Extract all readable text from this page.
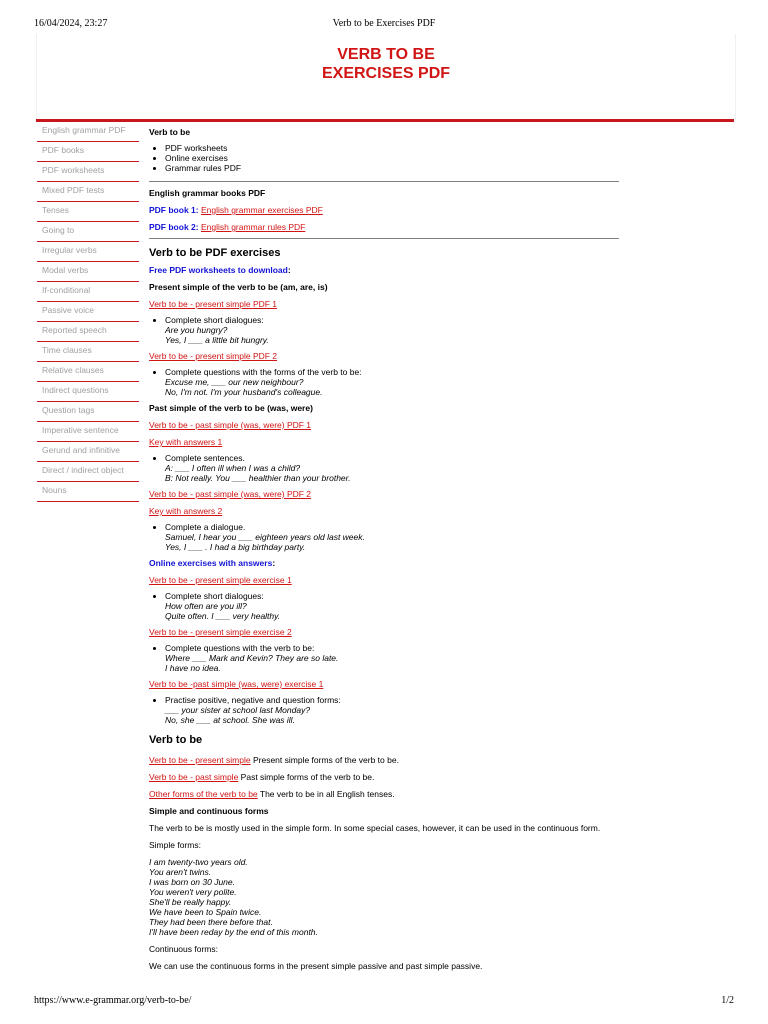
16/04/2024, 23:27	Verb to be Exercises PDF
VERB TO BE
EXERCISES PDF
English grammar PDF
PDF books
PDF worksheets
Mixed PDF tests
Tenses
Going to
Irregular verbs
Modal verbs
If-conditional
Passive voice
Reported speech
Time clauses
Relative clauses
Indirect questions
Question tags
Imperative sentence
Gerund and infinitive
Direct / indirect object
Nouns

Verb to be

• PDF worksheets
• Online exercises
• Grammar rules PDF

English grammar books PDF

PDF book 1: English grammar exercises PDF

PDF book 2: English grammar rules PDF

Verb to be PDF exercises

Free PDF worksheets to download:

Present simple of the verb to be (am, are, is)

Verb to be - present simple PDF 1

• Complete short dialogues:
Are you hungry?
Yes, I ___ a little bit hungry.

Verb to be - present simple PDF 2

• Complete questions with the forms of the verb to be:
Excuse me, ___ our new neighbour?
No, I'm not. I'm your husband's colleague.

Past simple of the verb to be (was, were)

Verb to be - past simple (was, were) PDF 1

Key with answers 1

• Complete sentences.
A: ___ I often ill when I was a child?
B: Not really. You ___ healthier than your brother.

Verb to be - past simple (was, were) PDF 2

Key with answers 2

• Complete a dialogue.
Samuel, I hear you ___ eighteen years old last week.
Yes, I ___ . I had a big birthday party.

Online exercises with answers:

Verb to be - present simple exercise 1

• Complete short dialogues:
How often are you ill?
Quite often. I ___ very healthy.

Verb to be - present simple exercise 2

• Complete questions with the verb to be:
Where ___ Mark and Kevin? They are so late.
I have no idea.

Verb to be -past simple (was, were) exercise 1

• Practise positive, negative and question forms:
___ your sister at school last Monday?
No, she ___ at school. She was ill.

Verb to be

Verb to be - present simple Present simple forms of the verb to be.

Verb to be - past simple Past simple forms of the verb to be.

Other forms of the verb to be The verb to be in all English tenses.

Simple and continuous forms

The verb to be is mostly used in the simple form. In some special cases, however, it can be used in the continuous form.

Simple forms:

I am twenty-two years old.
You aren't twins.
I was born on 30 June.
You weren't very polite.
She'll be really happy.
We have been to Spain twice.
They had been there before that.
I'll have been reday by the end of this month.

Continuous forms:

We can use the continuous forms in the present simple passive and past simple passive.

https://www.e-grammar.org/verb-to-be/	1/2
